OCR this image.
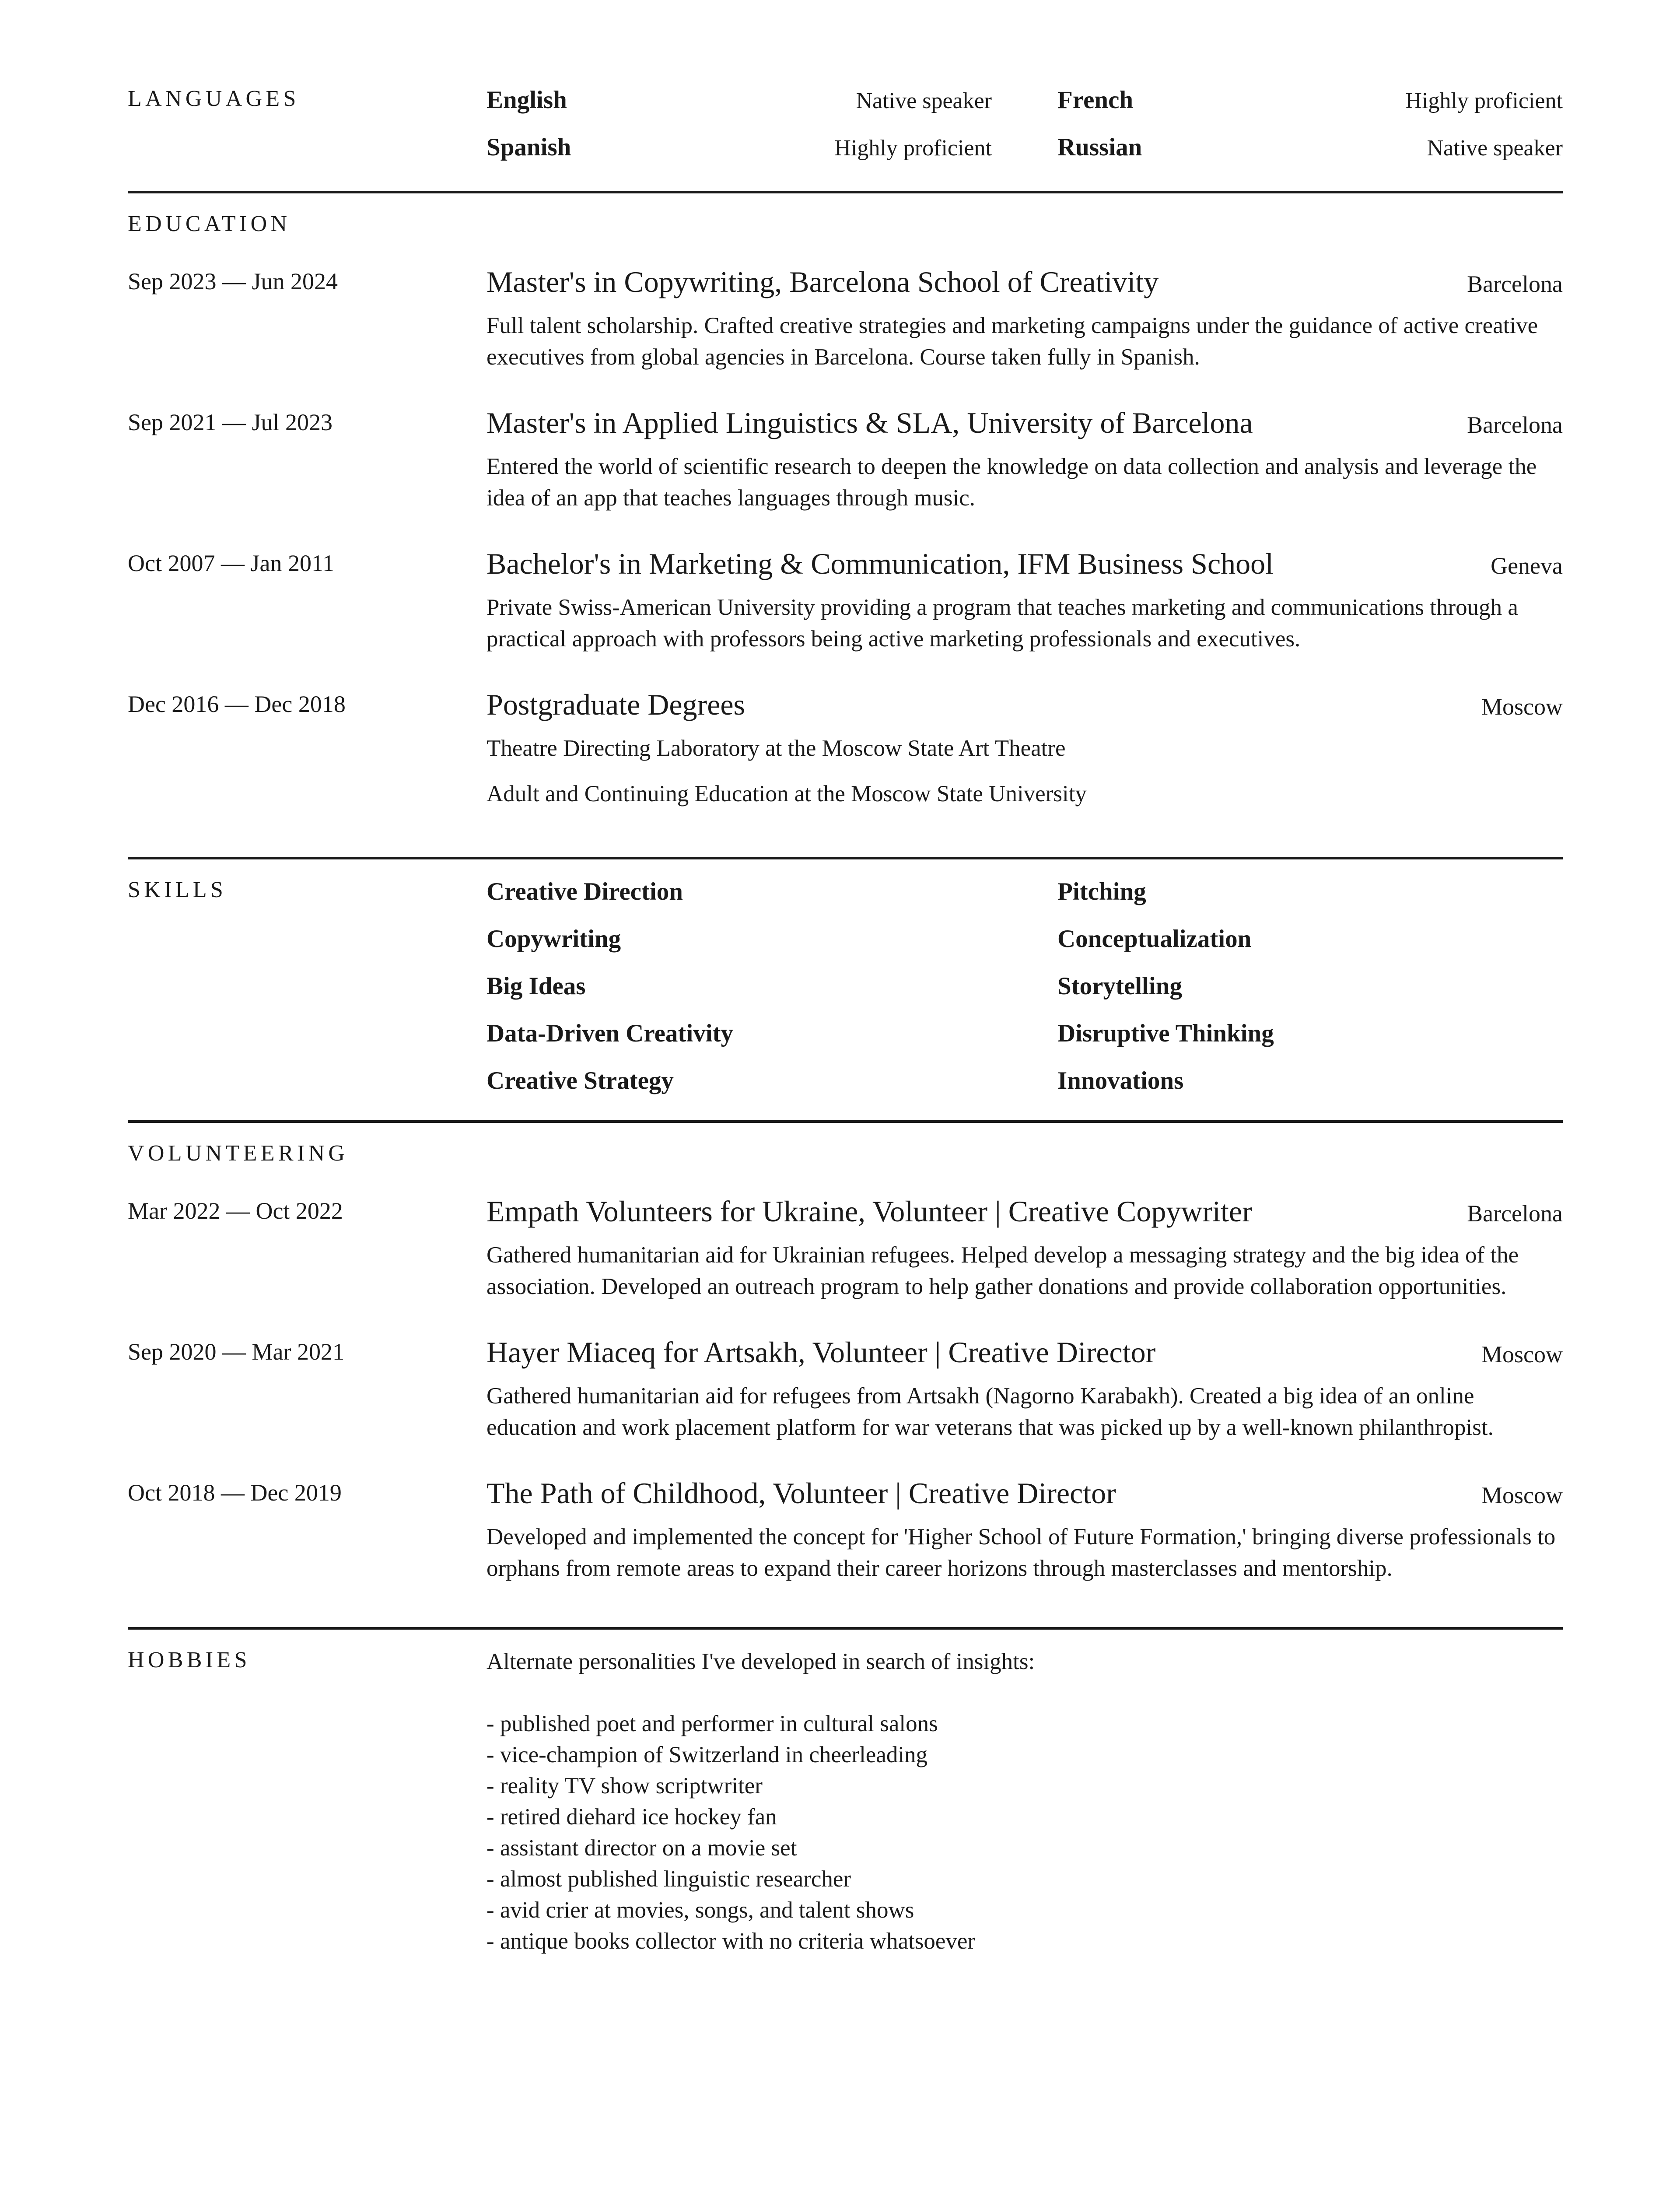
LANGUAGES	English	Native speaker	French	Highly proficient
Spanish	Highly proficient	Russian	Native speaker
EDUCATION
Sep 2023 — Jun 2024	Master's in Copywriting, Barcelona School of Creativity	Barcelona
Full talent scholarship. Crafted creative strategies and marketing campaigns under the guidance of active creative executives from global agencies in Barcelona. Course taken fully in Spanish.
Sep 2021 — Jul 2023	Master's in Applied Linguistics & SLA, University of Barcelona	Barcelona
Entered the world of scientific research to deepen the knowledge on data collection and analysis and leverage the idea of an app that teaches languages through music.
Oct 2007 — Jan 2011	Bachelor's in Marketing & Communication, IFM Business School	Geneva
Private Swiss-American University providing a program that teaches marketing and communications through a practical approach with professors being active marketing professionals and executives.
Dec 2016 — Dec 2018	Postgraduate Degrees	Moscow
Theatre Directing Laboratory at the Moscow State Art Theatre
Adult and Continuing Education at the Moscow State University
SKILLS	Creative Direction	Pitching
Copywriting	Conceptualization
Big Ideas	Storytelling
Data-Driven Creativity	Disruptive Thinking
Creative Strategy	Innovations
VOLUNTEERING
Mar 2022 — Oct 2022	Empath Volunteers for Ukraine, Volunteer | Creative Copywriter	Barcelona
Gathered humanitarian aid for Ukrainian refugees. Helped develop a messaging strategy and the big idea of the association. Developed an outreach program to help gather donations and provide collaboration opportunities.
Sep 2020 — Mar 2021	Hayer Miaceq for Artsakh, Volunteer | Creative Director	Moscow
Gathered humanitarian aid for refugees from Artsakh (Nagorno Karabakh). Created a big idea of an online education and work placement platform for war veterans that was picked up by a well-known philanthropist.
Oct 2018 — Dec 2019	The Path of Childhood, Volunteer | Creative Director	Moscow
Developed and implemented the concept for 'Higher School of Future Formation,' bringing diverse professionals to orphans from remote areas to expand their career horizons through masterclasses and mentorship.
HOBBIES	Alternate personalities I've developed in search of insights:
- published poet and performer in cultural salons
- vice-champion of Switzerland in cheerleading
- reality TV show scriptwriter
- retired diehard ice hockey fan
- assistant director on a movie set
- almost published linguistic researcher
- avid crier at movies, songs, and talent shows
- antique books collector with no criteria whatsoever
